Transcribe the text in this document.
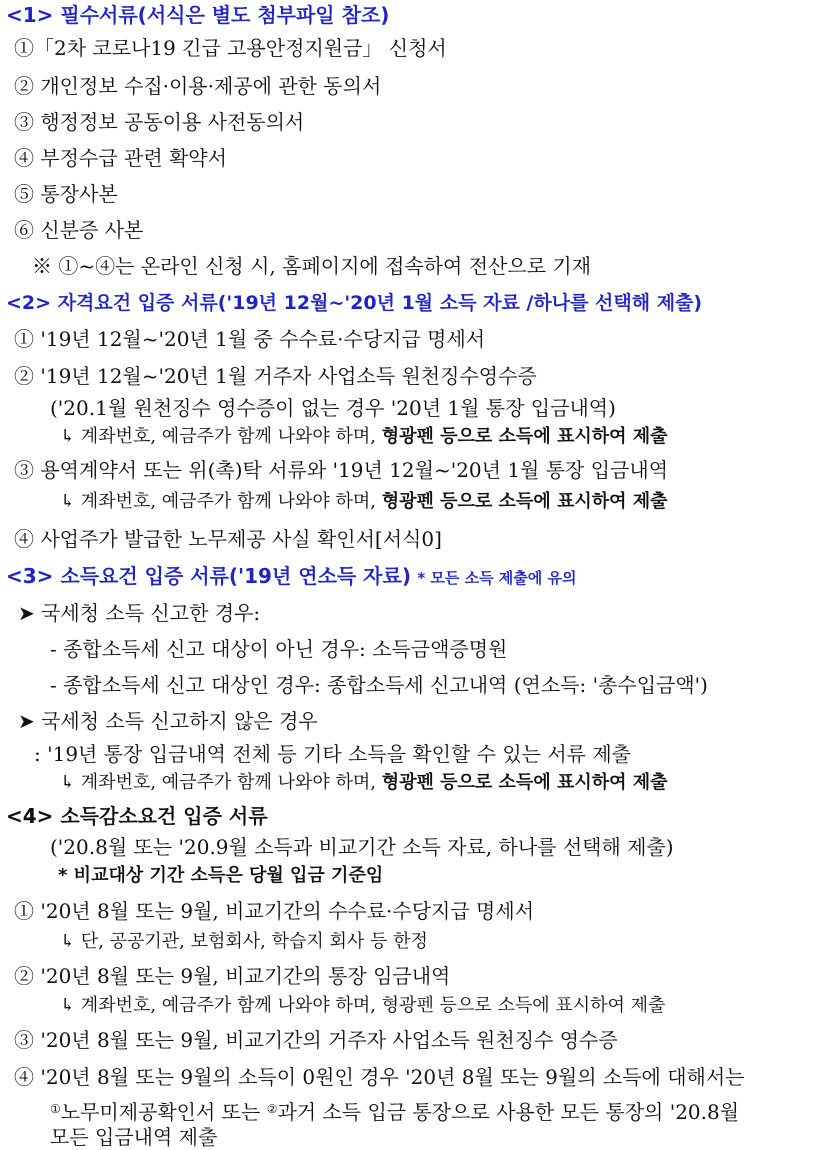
<1> 필수서류(서식은 별도 첨부파일 참조)
①「2차 코로나19 긴급 고용안정지원금」 신청서
② 개인정보 수집·이용·제공에 관한 동의서
③ 행정정보 공동이용 사전동의서
④ 부정수급 관련 확약서
⑤ 통장사본
⑥ 신분증 사본
※ ①~④는 온라인 신청 시, 홈페이지에 접속하여 전산으로 기재
<2> 자격요건 입증 서류('19년 12월~'20년 1월 소득 자료 /하나를 선택해 제출)
① '19년 12월~'20년 1월 중 수수료·수당지급 명세서
② '19년 12월~'20년 1월 거주자 사업소득 원천징수영수증
('20.1월 원천징수 영수증이 없는 경우 '20년 1월 통장 입금내역)
↳ 계좌번호, 예금주가 함께 나와야 하며, 형광펜 등으로 소득에 표시하여 제출
③ 용역계약서 또는 위(촉)탁 서류와 '19년 12월~'20년 1월 통장 입금내역
↳ 계좌번호, 예금주가 함께 나와야 하며, 형광펜 등으로 소득에 표시하여 제출
④ 사업주가 발급한 노무제공 사실 확인서[서식0]
<3> 소득요건 입증 서류('19년 연소득 자료) * 모든 소득 제출에 유의
➤ 국세청 소득 신고한 경우:
- 종합소득세 신고 대상이 아닌 경우: 소득금액증명원
- 종합소득세 신고 대상인 경우: 종합소득세 신고내역 (연소득: '총수입금액')
➤ 국세청 소득 신고하지 않은 경우
: '19년 통장 입금내역 전체 등 기타 소득을 확인할 수 있는 서류 제출
↳ 계좌번호, 예금주가 함께 나와야 하며, 형광펜 등으로 소득에 표시하여 제출
<4> 소득감소요건 입증 서류
('20.8월 또는 '20.9월 소득과 비교기간 소득 자료, 하나를 선택해 제출)
* 비교대상 기간 소득은 당월 입금 기준임
① '20년 8월 또는 9월, 비교기간의 수수료·수당지급 명세서
↳ 단, 공공기관, 보험회사, 학습지 회사 등 한정
② '20년 8월 또는 9월, 비교기간의 통장 임금내역
↳ 계좌번호, 예금주가 함께 나와야 하며, 형광펜 등으로 소득에 표시하여 제출
③ '20년 8월 또는 9월, 비교기간의 거주자 사업소득 원천징수 영수증
④ '20년 8월 또는 9월의 소득이 0원인 경우 '20년 8월 또는 9월의 소득에 대해서는
①노무미제공확인서 또는 ②과거 소득 입금 통장으로 사용한 모든 통장의 '20.8월
모든 입금내역 제출
